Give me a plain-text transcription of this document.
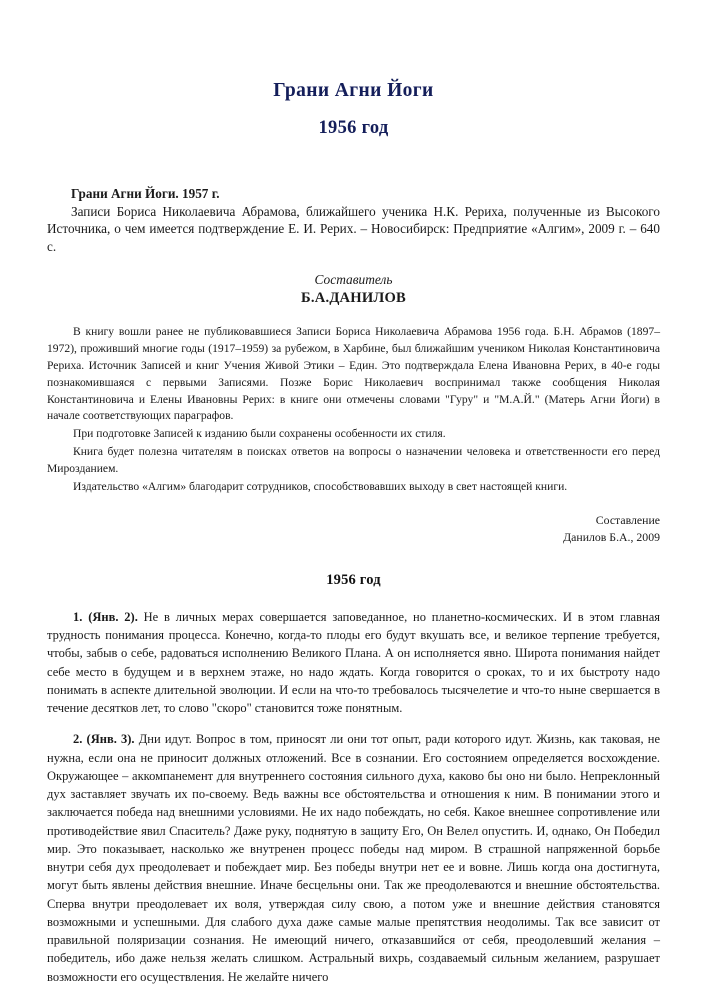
Грани Агни Йоги
1956 год
Грани Агни Йоги. 1957 г.
Записи Бориса Николаевича Абрамова, ближайшего ученика Н.К. Рериха, полученные из Высокого Источника, о чем имеется подтверждение Е. И. Рерих. – Новосибирск: Предприятие «Алгим», 2009 г. – 640 с.
Составитель
Б.А.ДАНИЛОВ

В книгу вошли ранее не публиковавшиеся Записи Бориса Николаевича Абрамова 1956 года. Б.Н. Абрамов (1897–1972), проживший многие годы (1917–1959) за рубежом, в Харбине, был ближайшим учеником Николая Константиновича Рериха. Источник Записей и книг Учения Живой Этики – Един. Это подтверждала Елена Ивановна Рерих, в 40-е годы познакомившаяся с первыми Записями. Позже Борис Николаевич воспринимал также сообщения Николая Константиновича и Елены Ивановны Рерих: в книге они отмечены словами "Гуру" и "М.А.Й." (Матерь Агни Йоги) в начале соответствующих параграфов.

При подготовке Записей к изданию были сохранены особенности их стиля.

Книга будет полезна читателям в поисках ответов на вопросы о назначении человека и ответственности его перед Мирозданием.

Издательство «Алгим» благодарит сотрудников, способствовавших выходу в свет настоящей книги.

Составление
Данилов Б.А., 2009
1956 год

1. (Янв. 2). Не в личных мерах совершается заповеданное, но планетно-космических. И в этом главная трудность понимания процесса. Конечно, когда-то плоды его будут вкушать все, и великое терпение требуется, чтобы, забыв о себе, радоваться исполнению Великого Плана. А он исполняется явно. Широта понимания найдет себе место в будущем и в верхнем этаже, но надо ждать. Когда говорится о сроках, то и их быстроту надо понимать в аспекте длительной эволюции. И если на что-то требовалось тысячелетие и что-то ныне свершается в течение десятков лет, то слово "скоро" становится тоже понятным.

2. (Янв. 3). Дни идут. Вопрос в том, приносят ли они тот опыт, ради которого идут. Жизнь, как таковая, не нужна, если она не приносит должных отложений. Все в сознании. Его состоянием определяется восхождение. Окружающее – аккомпанемент для внутреннего состояния сильного духа, каково бы оно ни было. Непреклонный дух заставляет звучать их по-своему. Ведь важны все обстоятельства и отношения к ним. В понимании этого и заключается победа над внешними условиями. Не их надо побеждать, но себя. Какое внешнее сопротивление или противодействие явил Спаситель? Даже руку, поднятую в защиту Его, Он Велел опустить. И, однако, Он Победил мир. Это показывает, насколько же внутренен процесс победы над миром. В страшной напряженной борьбе внутри себя дух преодолевает и побеждает мир. Без победы внутри нет ее и вовне. Лишь когда она достигнута, могут быть явлены действия внешние. Иначе бесцельны они. Так же преодолеваются и внешние обстоятельства. Сперва внутри преодолевает их воля, утверждая силу свою, а потом уже и внешние действия становятся возможными и успешными. Для слабого духа даже самые малые препятствия неодолимы. Так все зависит от правильной поляризации сознания. Не имеющий ничего, отказавшийся от себя, преодолевший желания – победитель, ибо даже нельзя желать слишком. Астральный вихрь, создаваемый сильным желанием, разрушает возможности его осуществления. Не желайте ничего
